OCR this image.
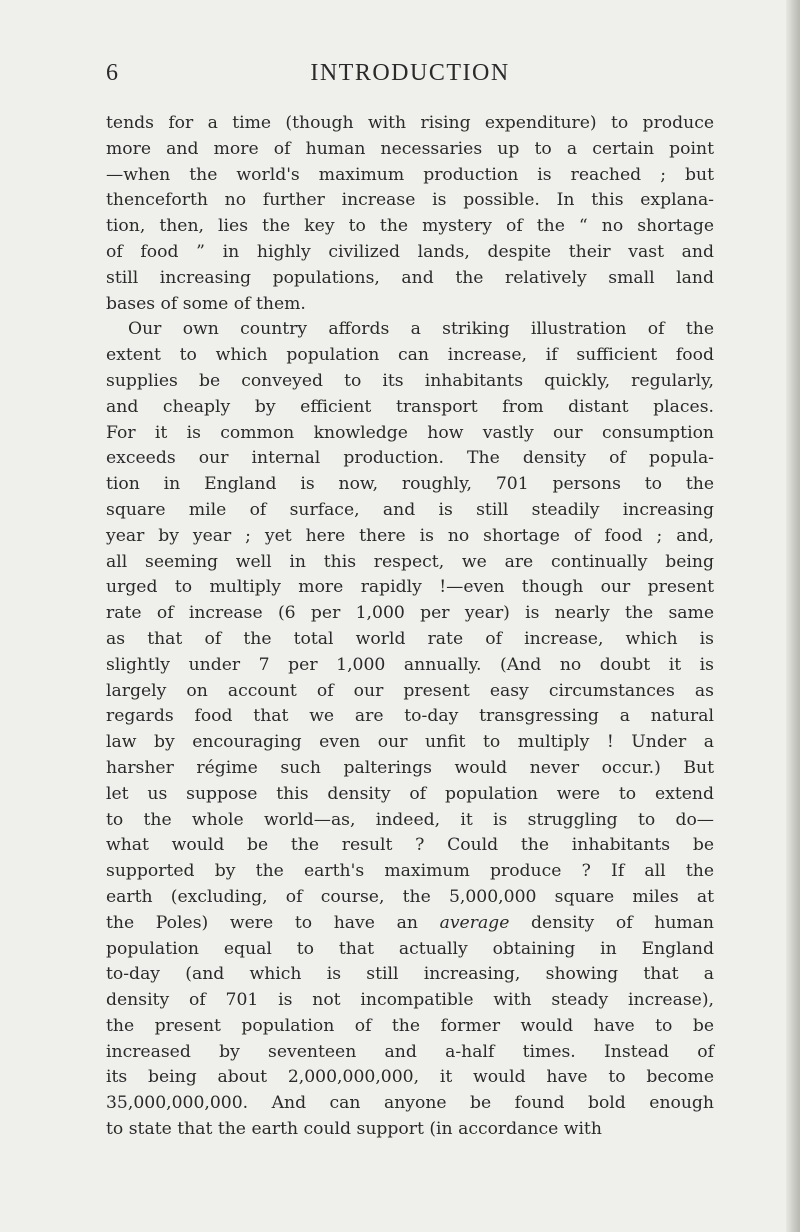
6	INTRODUCTION
tends for a time (though with rising expenditure) to produce
more and more of human necessaries up to a certain point
—when the world's maximum production is reached ; but
thenceforth no further increase is possible. In this explana-
tion, then, lies the key to the mystery of the “ no shortage
of food ” in highly civilized lands, despite their vast and
still increasing populations, and the relatively small land
bases of some of them.
Our own country affords a striking illustration of the
extent to which population can increase, if sufficient food
supplies be conveyed to its inhabitants quickly, regularly,
and cheaply by efficient transport from distant places.
For it is common knowledge how vastly our consumption
exceeds our internal production. The density of popula-
tion in England is now, roughly, 701 persons to the
square mile of surface, and is still steadily increasing
year by year ; yet here there is no shortage of food ; and,
all seeming well in this respect, we are continually being
urged to multiply more rapidly !—even though our present
rate of increase (6 per 1,000 per year) is nearly the same
as that of the total world rate of increase, which is
slightly under 7 per 1,000 annually. (And no doubt it is
largely on account of our present easy circumstances as
regards food that we are to-day transgressing a natural
law by encouraging even our unfit to multiply ! Under a
harsher régime such palterings would never occur.) But
let us suppose this density of population were to extend
to the whole world—as, indeed, it is struggling to do—
what would be the result ? Could the inhabitants be
supported by the earth's maximum produce ? If all the
earth (excluding, of course, the 5,000,000 square miles at
the Poles) were to have an average density of human
population equal to that actually obtaining in England
to-day (and which is still increasing, showing that a
density of 701 is not incompatible with steady increase),
the present population of the former would have to be
increased by seventeen and a-half times. Instead of
its being about 2,000,000,000, it would have to become
35,000,000,000. And can anyone be found bold enough
to state that the earth could support (in accordance with
